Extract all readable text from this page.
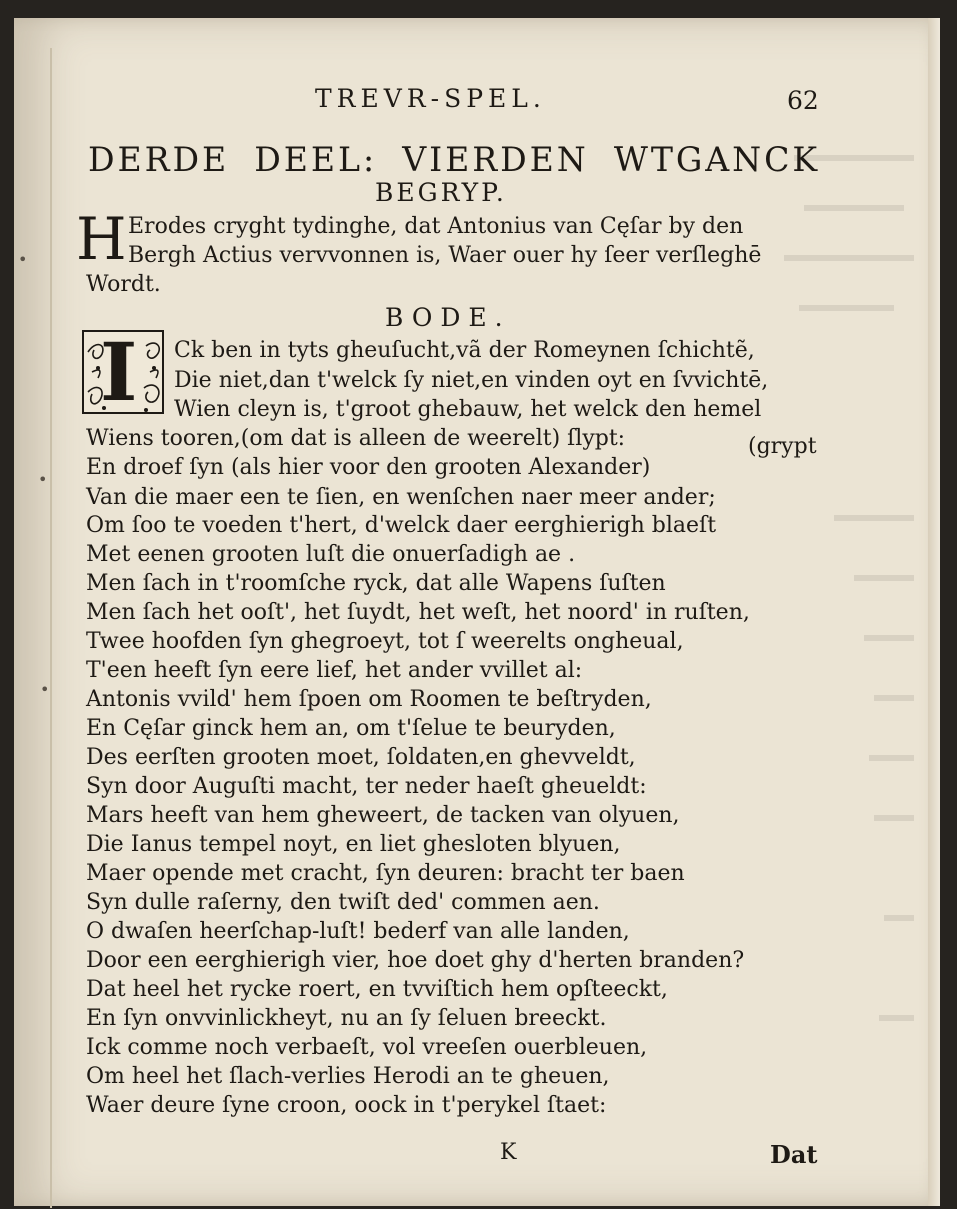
TREVR-SPEL.	62
DERDE DEEL: VIERDEN WTGANCK
BEGRYP.
H Erodes cryght tydinghe, dat Antonius van Cęſar by den
Bergh Actius vervvonnen is, Waer ouer hy ſeer verſleghē
Wordt.
BODE.
I Ck ben in tyts gheuſucht,vã der Romeynen ſchichtẽ,
Die niet,dan t'welck ſy niet,en vinden oyt en ſvvichtē,
Wien cleyn is, t'groot ghebauw, het welck den hemel
Wiens tooren,(om dat is alleen de weerelt) ſlypt:
En droef ſyn (als hier voor den grooten Alexander)
Van die maer een te ſien, en wenſchen naer meer ander;
Om ſoo te voeden t'hert, d'welck daer eerghierigh blaeſt
Met eenen grooten luſt die onuerſadigh ae .
Men ſach in t'roomſche ryck, dat alle Wapens ſuſten
Men ſach het ooſt', het ſuydt, het weſt, het noord' in ruſten,
Twee hoofden ſyn ghegroeyt, tot ſ weerelts ongheual,
T'een heeft ſyn eere lief, het ander vvillet al:
Antonis vvild' hem ſpoen om Roomen te beſtryden,
En Cęſar ginck hem an, om t'ſelue te beuryden,
Des eerſten grooten moet, ſoldaten,en ghevveldt,
Syn door Auguſti macht, ter neder haeſt gheueldt:
Mars heeft van hem gheweert, de tacken van olyuen,
Die Ianus tempel noyt, en liet ghesloten blyuen,
Maer opende met cracht, ſyn deuren: bracht ter baen
Syn dulle raſerny, den twiſt ded' commen aen.
O dwaſen heerſchap-luſt! bederf van alle landen,
Door een eerghierigh vier, hoe doet ghy d'herten branden?
Dat heel het rycke roert, en tvviſtich hem opſteeckt,
En ſyn onvvinlickheyt, nu an ſy ſeluen breeckt.
Ick comme noch verbaeſt, vol vreeſen ouerbleuen,
Om heel het ſlach-verlies Herodi an te gheuen,
Waer deure ſyne croon, oock in t'perykel ſtaet:
(grypt
K	Dat
•
•
•
